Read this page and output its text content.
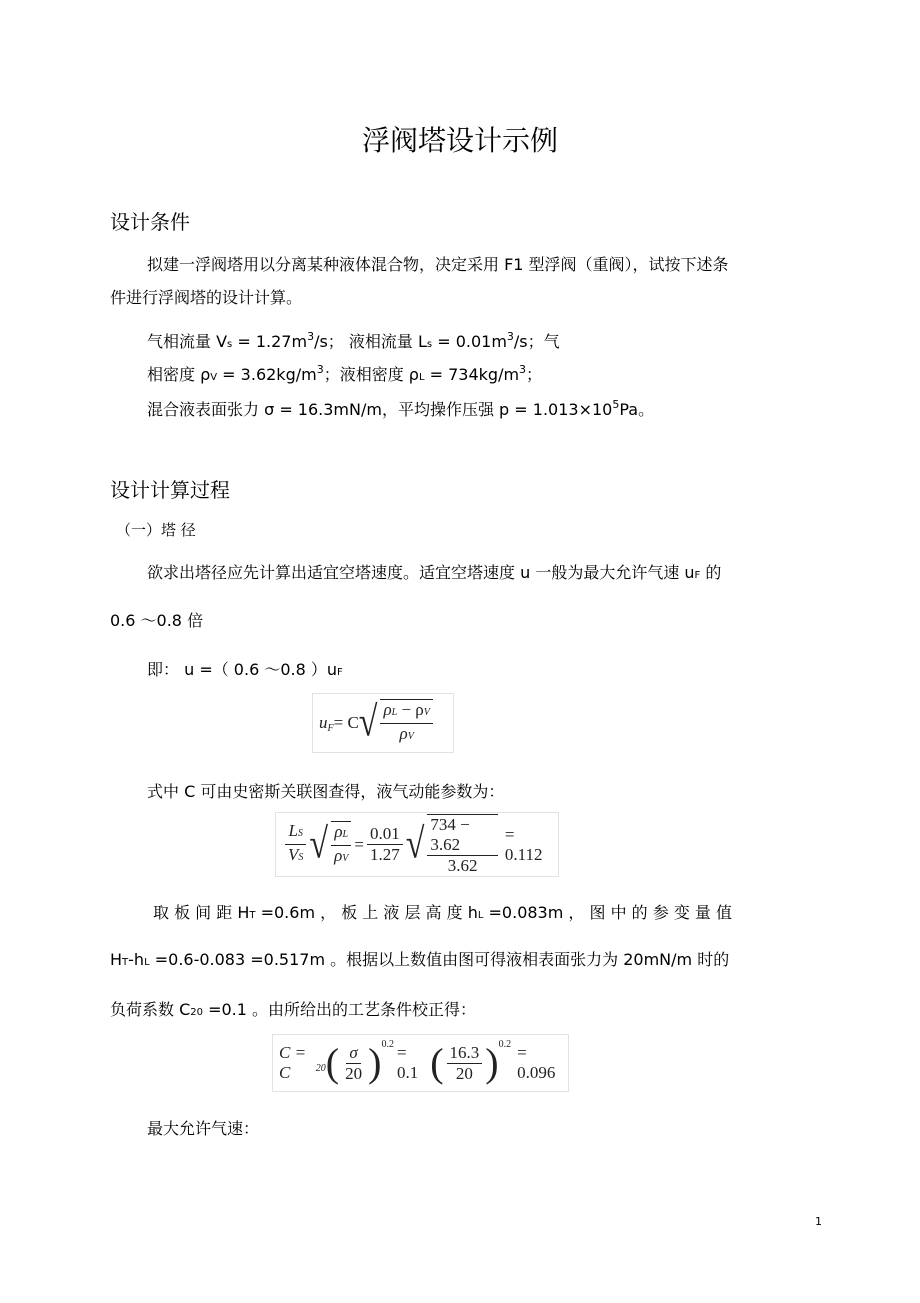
浮阀塔设计示例
设计条件
拟建一浮阀塔用以分离某种液体混合物，决定采用 F1 型浮阀（重阀），试按下述条
件进行浮阀塔的设计计算。
气相流量 $Vs = 1.27m^3/s$； 液相流量 $Ls = 0.01m^3/s$；气
相密度 $\rho V = 3.62kg/m^3$；液相密度 $\rho L = 734kg/m^3$；
混合液表面张力 σ = 16.3mN/m，平均操作压强 $p = 1.013\times 10^5Pa$。
设计计算过程
（一）塔 径
欲求出塔径应先计算出适宜空塔速度。适宜空塔速度 u 一般为最大允许气速 uF 的
0.6 ～0.8 倍
即： u =（ 0.6 ～0.8 ）uF
u F = C √ $\frac{\rho L - \rho V}{\rho V}$
式中 C 可由史密斯关联图查得，液气动能参数为：
$\frac{LS}{VS}$ √ $\frac{\rho L}{\rho V} = \frac{0.01}{1.27}$ √ $\frac{734 - 3.62}{3.62} = 0.112$
取 板 间 距 HT =0.6m ， 板 上 液 层 高 度 hL =0.083m ， 图 中 的 参 变 量 值
HT-hL =0.6-0.083 =0.517m 。根据以上数值由图可得液相表面张力为 20mN/m 时的
负荷系数 C20 =0.1 。由所给出的工艺条件校正得：
C = C	20 ( $\frac{\sigma}{20}$ ) 0.2 = 0.1 ( $\frac{16.3}{20}$ ) 0.2 = 0.096
最大允许气速：
1
